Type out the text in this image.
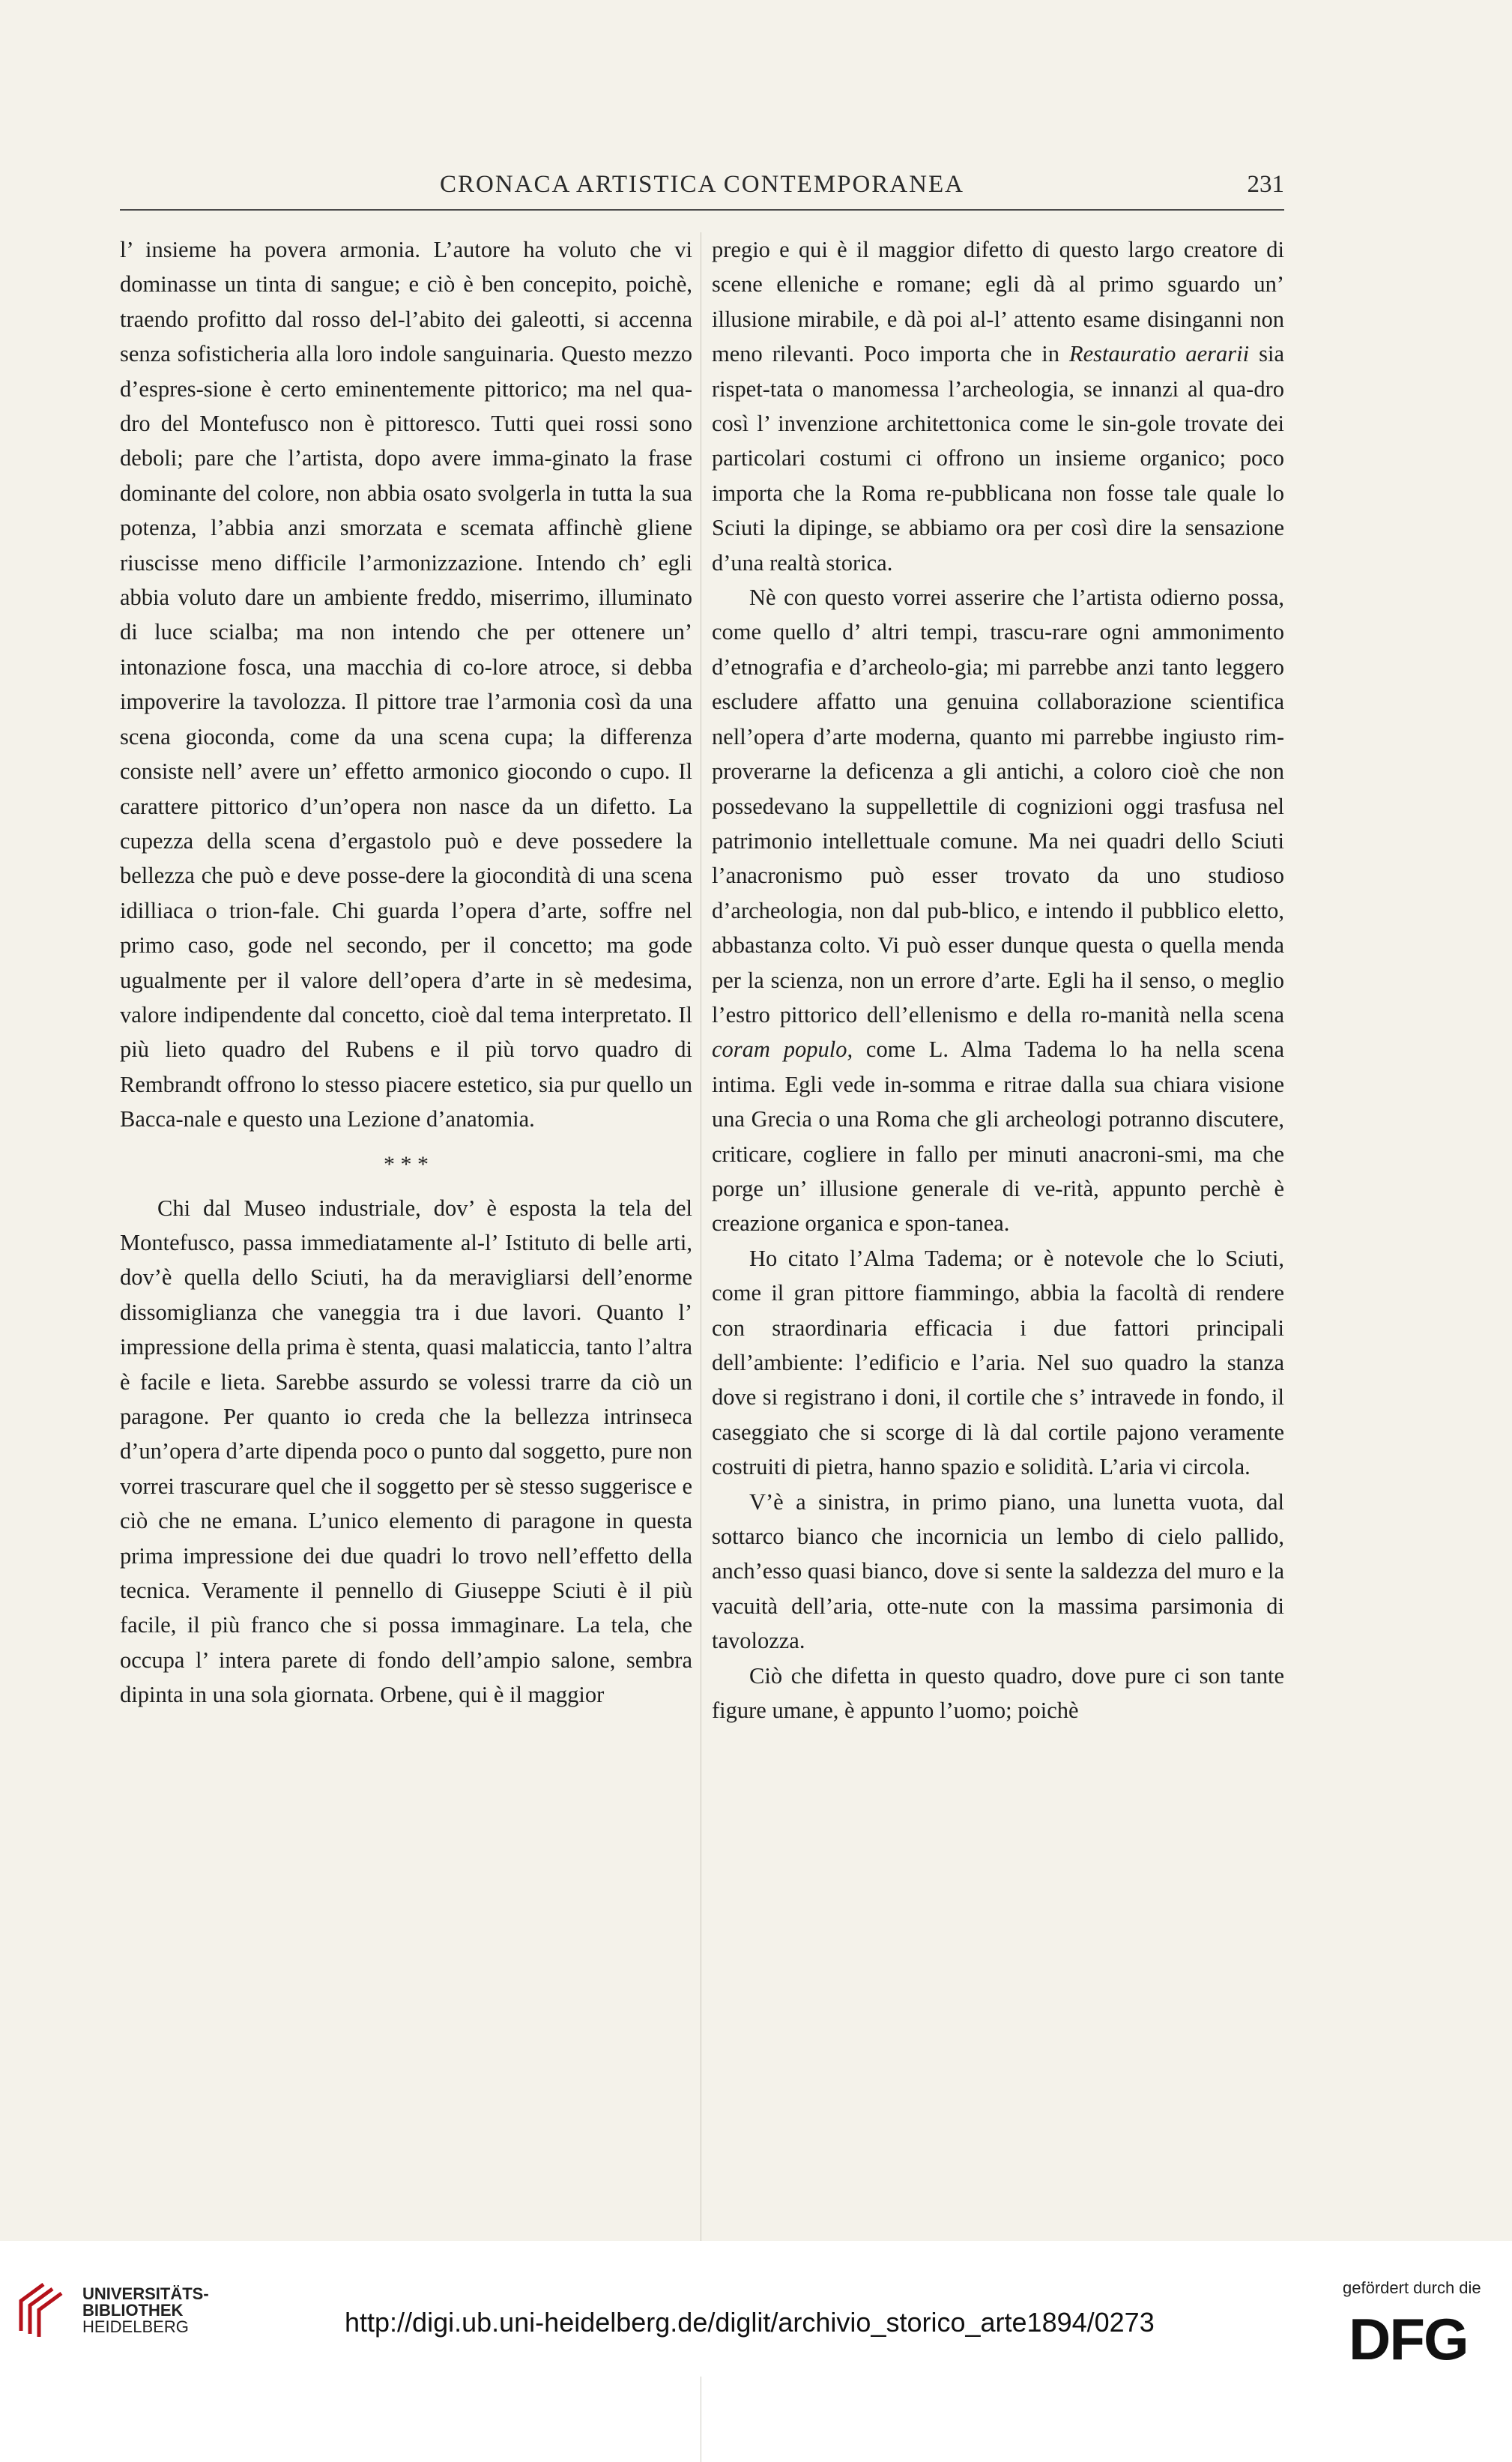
CRONACA ARTISTICA CONTEMPORANEA	231

l’ insieme ha povera armonia. L’autore ha voluto che vi dominasse un tinta di sangue; e ciò è ben concepito, poichè, traendo profitto dal rosso del-l’abito dei galeotti, si accenna senza sofisticheria alla loro indole sanguinaria. Questo mezzo d’espres-sione è certo eminentemente pittorico; ma nel qua-dro del Montefusco non è pittoresco. Tutti quei rossi sono deboli; pare che l’artista, dopo avere imma-ginato la frase dominante del colore, non abbia osato svolgerla in tutta la sua potenza, l’abbia anzi smorzata e scemata affinchè gliene riuscisse meno difficile l’armonizzazione. Intendo ch’ egli abbia voluto dare un ambiente freddo, miserrimo, illuminato di luce scialba; ma non intendo che per ottenere un’ intonazione fosca, una macchia di co-lore atroce, si debba impoverire la tavolozza. Il pittore trae l’armonia così da una scena gioconda, come da una scena cupa; la differenza consiste nell’ avere un’ effetto armonico giocondo o cupo. Il carattere pittorico d’un’opera non nasce da un difetto. La cupezza della scena d’ergastolo può e deve possedere la bellezza che può e deve posse-dere la giocondità di una scena idilliaca o trion-fale. Chi guarda l’opera d’arte, soffre nel primo caso, gode nel secondo, per il concetto; ma gode ugualmente per il valore dell’opera d’arte in sè medesima, valore indipendente dal concetto, cioè dal tema interpretato. Il più lieto quadro del Rubens e il più torvo quadro di Rembrandt offrono lo stesso piacere estetico, sia pur quello un Bacca-nale e questo una Lezione d’anatomia.

* * *

Chi dal Museo industriale, dov’ è esposta la tela del Montefusco, passa immediatamente al-l’ Istituto di belle arti, dov’è quella dello Sciuti, ha da meravigliarsi dell’enorme dissomiglianza che vaneggia tra i due lavori. Quanto l’ impressione della prima è stenta, quasi malaticcia, tanto l’altra è facile e lieta. Sarebbe assurdo se volessi trarre da ciò un paragone. Per quanto io creda che la bellezza intrinseca d’un’opera d’arte dipenda poco o punto dal soggetto, pure non vorrei trascurare quel che il soggetto per sè stesso suggerisce e ciò che ne emana. L’unico elemento di paragone in questa prima impressione dei due quadri lo trovo nell’effetto della tecnica. Veramente il pennello di Giuseppe Sciuti è il più facile, il più franco che si possa immaginare. La tela, che occupa l’ intera parete di fondo dell’ampio salone, sembra dipinta in una sola giornata. Orbene, qui è il maggior

pregio e qui è il maggior difetto di questo largo creatore di scene elleniche e romane; egli dà al primo sguardo un’ illusione mirabile, e dà poi al-l’ attento esame disinganni non meno rilevanti. Poco importa che in Restauratio aerarii sia rispet-tata o manomessa l’archeologia, se innanzi al qua-dro così l’ invenzione architettonica come le sin-gole trovate dei particolari costumi ci offrono un insieme organico; poco importa che la Roma re-pubblicana non fosse tale quale lo Sciuti la dipinge, se abbiamo ora per così dire la sensazione d’una realtà storica.

Nè con questo vorrei asserire che l’artista odierno possa, come quello d’ altri tempi, trascu-rare ogni ammonimento d’etnografia e d’archeolo-gia; mi parrebbe anzi tanto leggero escludere affatto una genuina collaborazione scientifica nell’opera d’arte moderna, quanto mi parrebbe ingiusto rim-proverarne la deficenza a gli antichi, a coloro cioè che non possedevano la suppellettile di cognizioni oggi trasfusa nel patrimonio intellettuale comune. Ma nei quadri dello Sciuti l’anacronismo può esser trovato da uno studioso d’archeologia, non dal pub-blico, e intendo il pubblico eletto, abbastanza colto. Vi può esser dunque questa o quella menda per la scienza, non un errore d’arte. Egli ha il senso, o meglio l’estro pittorico dell’ellenismo e della ro-manità nella scena coram populo, come L. Alma Tadema lo ha nella scena intima. Egli vede in-somma e ritrae dalla sua chiara visione una Grecia o una Roma che gli archeologi potranno discutere, criticare, cogliere in fallo per minuti anacroni-smi, ma che porge un’ illusione generale di ve-rità, appunto perchè è creazione organica e spon-tanea.

Ho citato l’Alma Tadema; or è notevole che lo Sciuti, come il gran pittore fiammingo, abbia la facoltà di rendere con straordinaria efficacia i due fattori principali dell’ambiente: l’edificio e l’aria. Nel suo quadro la stanza dove si registrano i doni, il cortile che s’ intravede in fondo, il caseggiato che si scorge di là dal cortile pajono veramente costruiti di pietra, hanno spazio e solidità. L’aria vi circola.

V’è a sinistra, in primo piano, una lunetta vuota, dal sottarco bianco che incornicia un lembo di cielo pallido, anch’esso quasi bianco, dove si sente la saldezza del muro e la vacuità dell’aria, otte-nute con la massima parsimonia di tavolozza.

Ciò che difetta in questo quadro, dove pure ci son tante figure umane, è appunto l’uomo; poichè

UNIVERSITÄTS-
BIBLIOTHEK
HEIDELBERG	http://digi.ub.uni-heidelberg.de/diglit/archivio_storico_arte1894/0273
gefördert durch die
DFG
